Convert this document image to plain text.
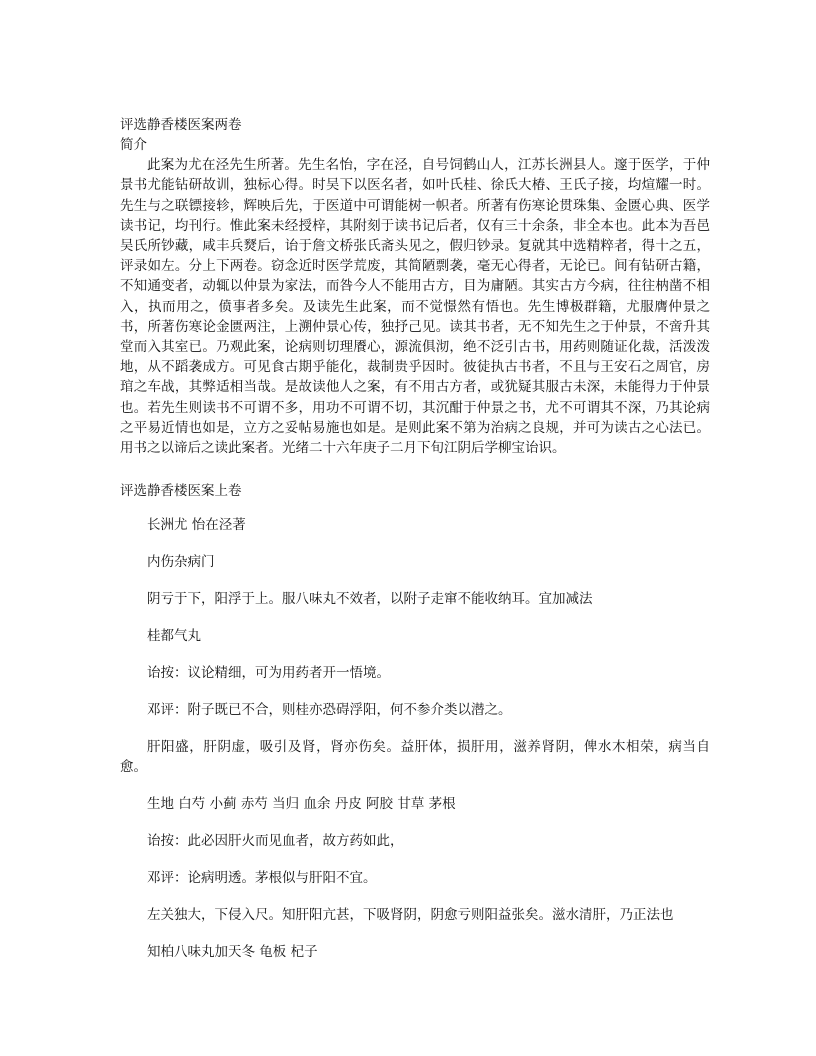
评选静香楼医案两卷
简介

此案为尤在泾先生所著。先生名怡，字在泾，自号饲鹤山人，江苏长洲县人。邃于医学，于仲景书尤能钻研故训，独标心得。时吴下以医名者，如叶氏桂、徐氏大椿、王氏子接，均煊耀一时。先生与之联镖接轸，辉映后先，于医道中可谓能树一帜者。所著有伤寒论贯珠集、金匮心典、医学读书记，均刊行。惟此案未经授梓，其附刻于读书记后者，仅有三十余条，非全本也。此本为吾邑吴氏所钞藏，咸丰兵燹后，诒于詹文桥张氏斋头见之，假归钞录。复就其中选精粹者，得十之五，评录如左。分上下两卷。窃念近时医学荒废，其简陋剽袭，毫无心得者，无论已。间有钻研古籍，不知通变者，动辄以仲景为家法，而咎今人不能用古方，目为庸陋。其实古方今病，往往枘凿不相入，执而用之，偾事者多矣。及读先生此案，而不觉憬然有悟也。先生博极群籍，尤服膺仲景之书，所著伤寒论金匮两注，上溯仲景心传，独抒己见。读其书者，无不知先生之于仲景，不啻升其堂而入其室已。乃观此案，论病则切理餍心，源流俱沏，绝不泛引古书，用药则随证化裁，活泼泼地，从不蹈袭成方。可见食古期乎能化，裁制贵乎因时。彼徒执古书者，不且与王安石之周官，房琯之车战，其弊适相当哉。是故读他人之案，有不用古方者，或犹疑其服古未深，未能得力于仲景也。若先生则读书不可谓不多，用功不可谓不切，其沉酣于仲景之书，尤不可谓其不深，乃其论病之平易近情也如是，立方之妥帖易施也如是。是则此案不第为治病之良规，并可为读古之心法已。用书之以谛后之读此案者。光绪二十六年庚子二月下旬江阴后学柳宝诒识。

评选静香楼医案上卷

长洲尤 怡在泾著

内伤杂病门

阴亏于下，阳浮于上。服八味丸不效者，以附子走窜不能收纳耳。宜加减法

桂都气丸

诒按：议论精细，可为用药者开一悟境。

邓评：附子既已不合，则桂亦恐碍浮阳，何不参介类以潜之。

肝阳盛，肝阴虚，吸引及肾，肾亦伤矣。益肝体，损肝用，滋养肾阴，俾水木相荣，病当自愈。

生地 白芍 小蓟 赤芍 当归 血余 丹皮 阿胶 甘草 茅根

诒按：此必因肝火而见血者，故方药如此，

邓评：论病明透。茅根似与肝阳不宜。

左关独大，下侵入尺。知肝阳亢甚，下吸肾阴，阴愈亏则阳益张矣。滋水清肝，乃正法也

知柏八味丸加天冬 龟板 杞子
